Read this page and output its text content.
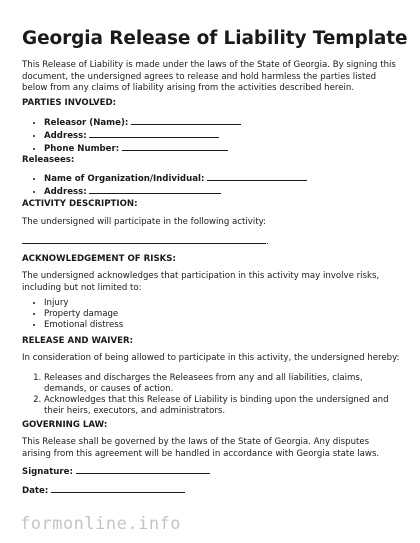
Georgia Release of Liability Template

This Release of Liability is made under the laws of the State of Georgia. By signing this document, the undersigned agrees to release and hold harmless the parties listed below from any claims of liability arising from the activities described herein.

PARTIES INVOLVED:

• Releasor (Name):
• Address:
• Phone Number:

Releasees:

• Name of Organization/Individual:
• Address:

ACTIVITY DESCRIPTION:

The undersigned will participate in the following activity:

.

ACKNOWLEDGEMENT OF RISKS:

The undersigned acknowledges that participation in this activity may involve risks, including but not limited to:

• Injury
• Property damage
• Emotional distress

RELEASE AND WAIVER:

In consideration of being allowed to participate in this activity, the undersigned hereby:

1. Releases and discharges the Releasees from any and all liabilities, claims, demands, or causes of action.
2. Acknowledges that this Release of Liability is binding upon the undersigned and their heirs, executors, and administrators.

GOVERNING LAW:

This Release shall be governed by the laws of the State of Georgia. Any disputes arising from this agreement will be handled in accordance with Georgia state laws.

Signature:
Date:

formonline.info
